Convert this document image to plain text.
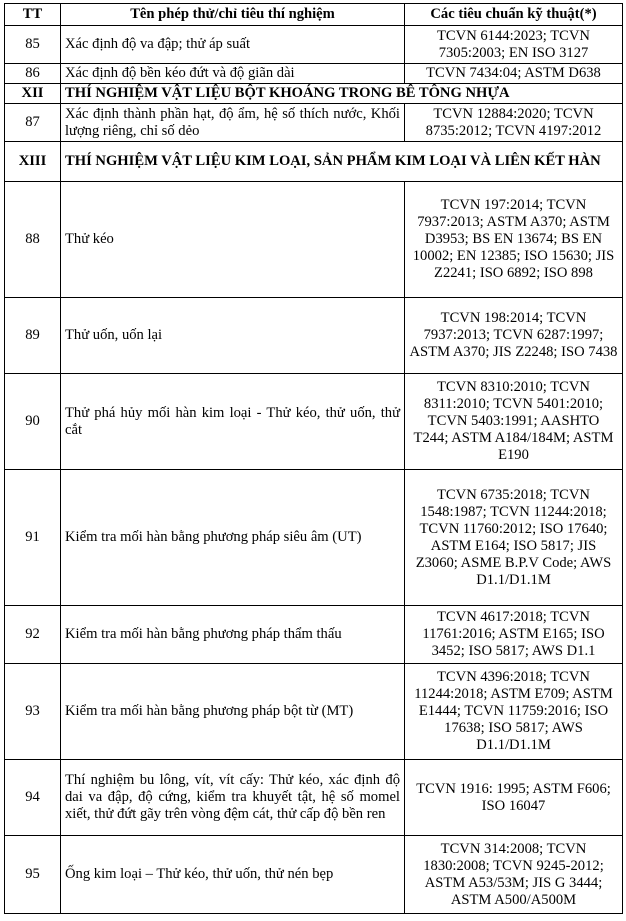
TT	Tên phép thử/chỉ tiêu thí nghiệm	Các tiêu chuẩn kỹ thuật(*)
85	Xác định độ va đập; thử áp suất	TCVN 6144:2023; TCVN 7305:2003; EN ISO 3127
86	Xác định độ bền kéo đứt và độ giãn dài	TCVN 7434:04; ASTM D638
XII	THÍ NGHIỆM VẬT LIỆU BỘT KHOÁNG TRONG BÊ TÔNG NHỰA	
87	Xác định thành phần hạt, độ ẩm, hệ số thích nước, Khối lượng riêng, chỉ số dẻo	TCVN 12884:2020; TCVN 8735:2012; TCVN 4197:2012
XIII	THÍ NGHIỆM VẬT LIỆU KIM LOẠI, SẢN PHẨM KIM LOẠI VÀ LIÊN KẾT HÀN	
88	Thử kéo	TCVN 197:2014; TCVN 7937:2013; ASTM A370; ASTM D3953; BS EN 13674; BS EN 10002; EN 12385; ISO 15630; JIS Z2241; ISO 6892; ISO 898
89	Thử uốn, uốn lại	TCVN 198:2014; TCVN 7937:2013; TCVN 6287:1997; ASTM A370; JIS Z2248; ISO 7438
90	Thử phá hủy mối hàn kim loại - Thử kéo, thử uốn, thử cắt	TCVN 8310:2010; TCVN 8311:2010; TCVN 5401:2010; TCVN 5403:1991; AASHTO T244; ASTM A184/184M; ASTM E190
91	Kiểm tra mối hàn bằng phương pháp siêu âm (UT)	TCVN 6735:2018; TCVN 1548:1987; TCVN 11244:2018; TCVN 11760:2012; ISO 17640; ASTM E164; ISO 5817; JIS Z3060; ASME B.P.V Code; AWS D1.1/D1.1M
92	Kiểm tra mối hàn bằng phương pháp thẩm thấu	TCVN 4617:2018; TCVN 11761:2016; ASTM E165; ISO 3452; ISO 5817; AWS D1.1
93	Kiểm tra mối hàn bằng phương pháp bột từ (MT)	TCVN 4396:2018; TCVN 11244:2018; ASTM E709; ASTM E1444; TCVN 11759:2016; ISO 17638; ISO 5817; AWS D1.1/D1.1M
94	Thí nghiệm bu lông, vít, vít cấy: Thử kéo, xác định độ dai va đập, độ cứng, kiểm tra khuyết tật, hệ số momel xiết, thử đứt gãy trên vòng đệm cát, thử cấp độ bền ren	TCVN 1916: 1995; ASTM F606; ISO 16047
95	Ống kim loại – Thử kéo, thử uốn, thử nén bẹp	TCVN 314:2008; TCVN 1830:2008; TCVN 9245-2012; ASTM A53/53M; JIS G 3444; ASTM A500/A500M
